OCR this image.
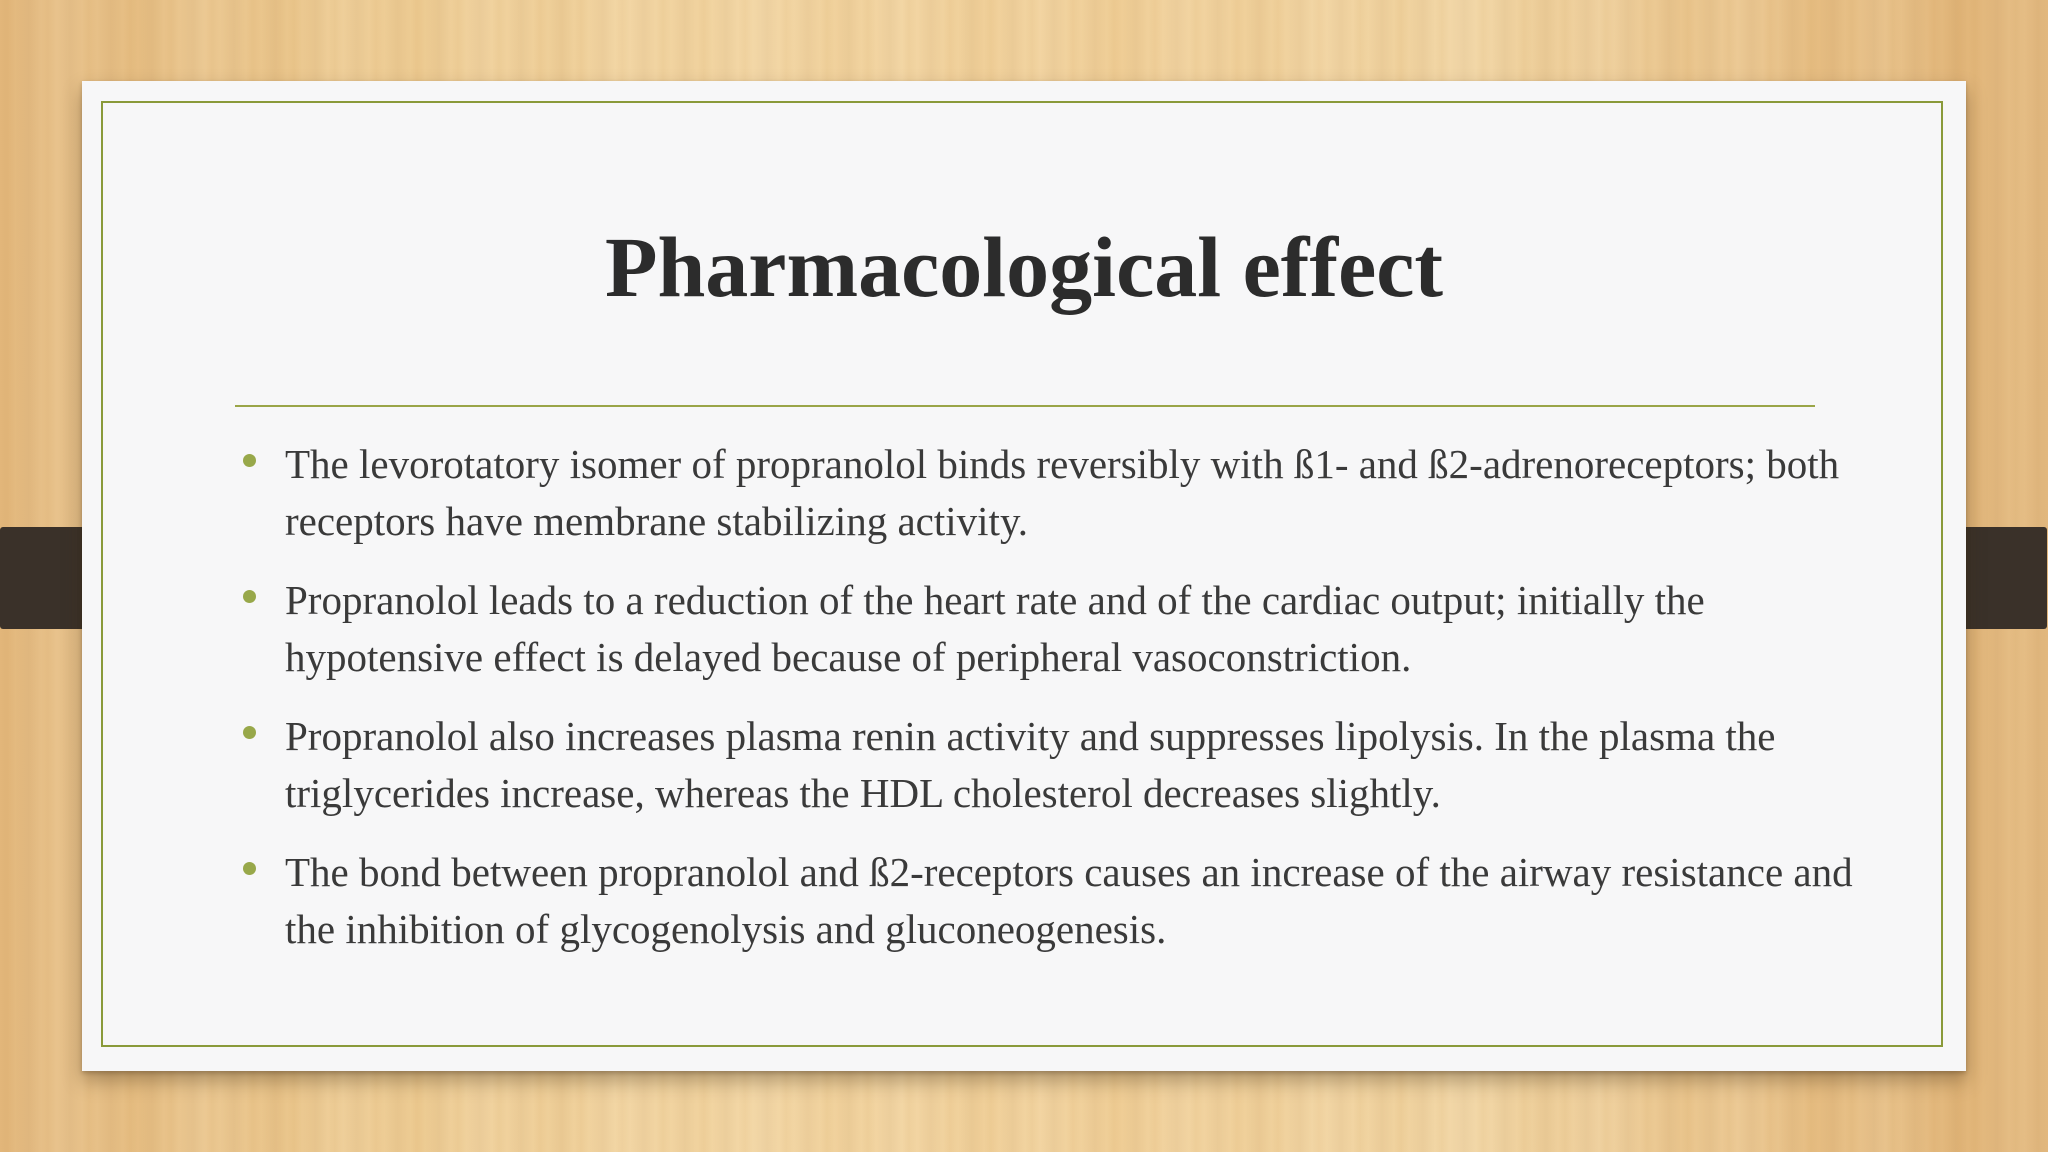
Pharmacological effect
The levorotatory isomer of propranolol binds reversibly with ß1- and ß2-adrenoreceptors; both receptors have membrane stabilizing activity.
Propranolol leads to a reduction of the heart rate and of the cardiac output; initially the hypotensive effect is delayed because of peripheral vasoconstriction.
Propranolol also increases plasma renin activity and suppresses lipolysis. In the plasma the triglycerides increase, whereas the HDL cholesterol decreases slightly.
The bond between propranolol and ß2-receptors causes an increase of the airway resistance and the inhibition of glycogenolysis and gluconeogenesis.
